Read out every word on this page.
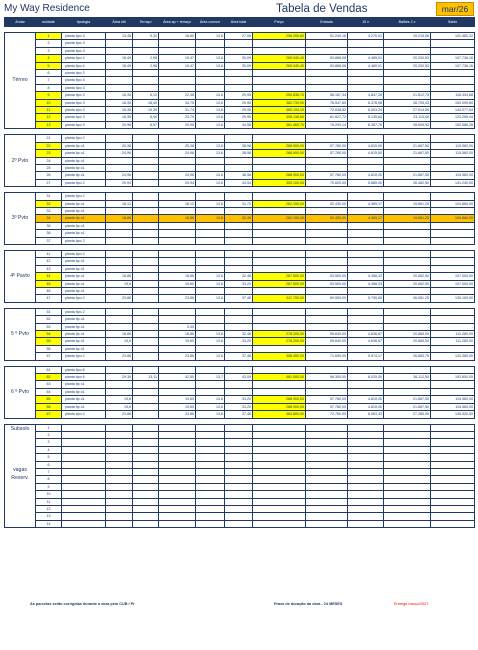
My Way Residence	Tabela de Vendas	mar/26
Andar	unidade	tipologia	Área útil	Terraço	Área ap + terraço	Área comum	Área total	Preço	Entrada	15 x	Balões 2 x	Saldo

Térreo	1	planta tipo 3	13,48	5,32	18,80	13,6	27,08	256.200,80	51.240,16	4.270,01	19.215,06	102.480,32
	2	planta tipo 3										
	3	planta tipo 3										
	4	planta tipo 4	16,49	2,98	19,47	13,6	30,09	269.340,40	53.868,08	4.489,01	20.200,53	107.736,16
	5	planta tipo 4	16,49	2,98	19,47	13,6	30,09	269.340,40	53.868,08	4.489,01	20.200,53	107.736,16
	6	planta tipo 3										
	7	planta tipo 4										
	8	planta tipo 3										
	9	planta tipo 3	16,35	6,13	22,48	13,6	29,95	290.836,70	58.167,34	4.847,28	21.812,75	116.334,68
	10	planta tipo 3	16,35	18,40	34,75	13,6	29,95	382.739,00	76.547,80	6.378,98	28.705,43	153.095,60
	11	planta tipo 3	16,35	15,39	31,74	13,6	29,95	360.194,10	72.038,82	6.003,24	27.014,56	144.077,64
	12	planta tipo 3	16,35	8,44	24,79	13,6	29,95	308.138,60	61.627,72	5.135,64	23.110,40	123.255,44
	13	planta tipo 5	20,98	8,97	29,95	13,6	34,58	381.465,70	76.293,14	6.357,76	28.609,93	152.586,28

2º Pvto	21	planta tipo 2										
	22	planta tip o1	25,38		25,38	13,6	38,98	288.900,00	57.780,00	4.815,00	21.667,50	115.560,00
	23	planta tip o1	24,96		24,96	13,6	38,56	288.900,00	57.780,00	4.815,00	21.667,50	115.560,00
	24	planta tip o1										
	25	planta tip o1										
	26	planta tip o1	24,96		24,96	13,6	38,56	288.900,00	57.780,00	4.815,00	21.667,50	115.560,00
	27	planta tipo 2	29,94		29,94	13,6	43,54	353.100,00	70.620,00	5.885,00	26.482,50	141.240,00

3º Pvto	31	planta tipo 2										
	32	planta tip o1	18,12		18,12	13,6	31,72	262.150,00	52.430,00	4.369,17	19.661,25	104.860,00
	33	planta tip o1										
	34	planta tip o1	18,86		18,86	13,6	32,46	262.150,00	52.430,00	4.369,17	19.661,25	104.860,00
	35	planta tip o1										
	36	planta tip o1										
	37	planta tipo 2										

4º Pavto	41	planta tipo 2										
	42	planta tip o1										
	43	planta tip o1										
	44	planta tip o1	18,86		18,86	13,6	32,46	267.500,00	53.500,00	4.458,33	20.062,50	107.000,00
	45	planta tip o1	19,6		19,60	13,6	33,20	267.500,00	53.500,00	4.458,33	20.062,50	107.000,00
	46	planta tip o1										
	47	planta tipo 2	23,86		23,86	13,6	37,46	347.750,00	69.550,00	5.795,83	26.081,25	139.100,00

5 º Pvto	51	planta tipo 2										
	52	planta tip o1										
	53	planta tip o1			0,00					-	-	-
	54	planta tip o1	18,86		18,86	13,6	32,46	278.200,00	55.640,00	4.636,67	20.865,00	111.280,00
	55	planta tip o1	19,6		19,60	13,6	33,20	278.200,00	55.640,00	4.636,67	20.865,00	111.280,00
	56	planta tip o1										
	57	planta tipo 2	23,86		23,86	13,6	37,46	358.450,00	71.690,00	5.974,17	26.883,75	143.380,00

6 º Pvto	61	planta tipo 6										
	62	planta tipo 6	29,39	13,11	42,50	13,7	43,09	481.500,00	96.300,00	8.025,00	36.112,50	192.600,00
	63	planta tip o1										
	64	planta tip o1										
	65	planta tip o1	19,6		19,60	13,6	33,20	288.900,00	57.780,00	4.815,00	21.667,50	115.560,00
	66	planta tip o1	19,6		19,60	13,6	33,20	288.900,00	57.780,00	4.815,00	21.667,50	115.560,00
	67	planta tipo 2	23,86		23,86	13,6	37,46	363.800,00	72.760,00	6.063,33	27.285,00	145.520,00

Subsolo
vagas Reserv.	1											
	2											
	3											
	4											
	5											
	6									-	-	
	7											
	8											
	9											
	10											
	11											
	12											
	13									-	-	
	14											
As parcelas serão corrigidas durante a obra pelo CUB / Pr	Prazo de duração da obra - 24 MESES	Entrega março/2027
